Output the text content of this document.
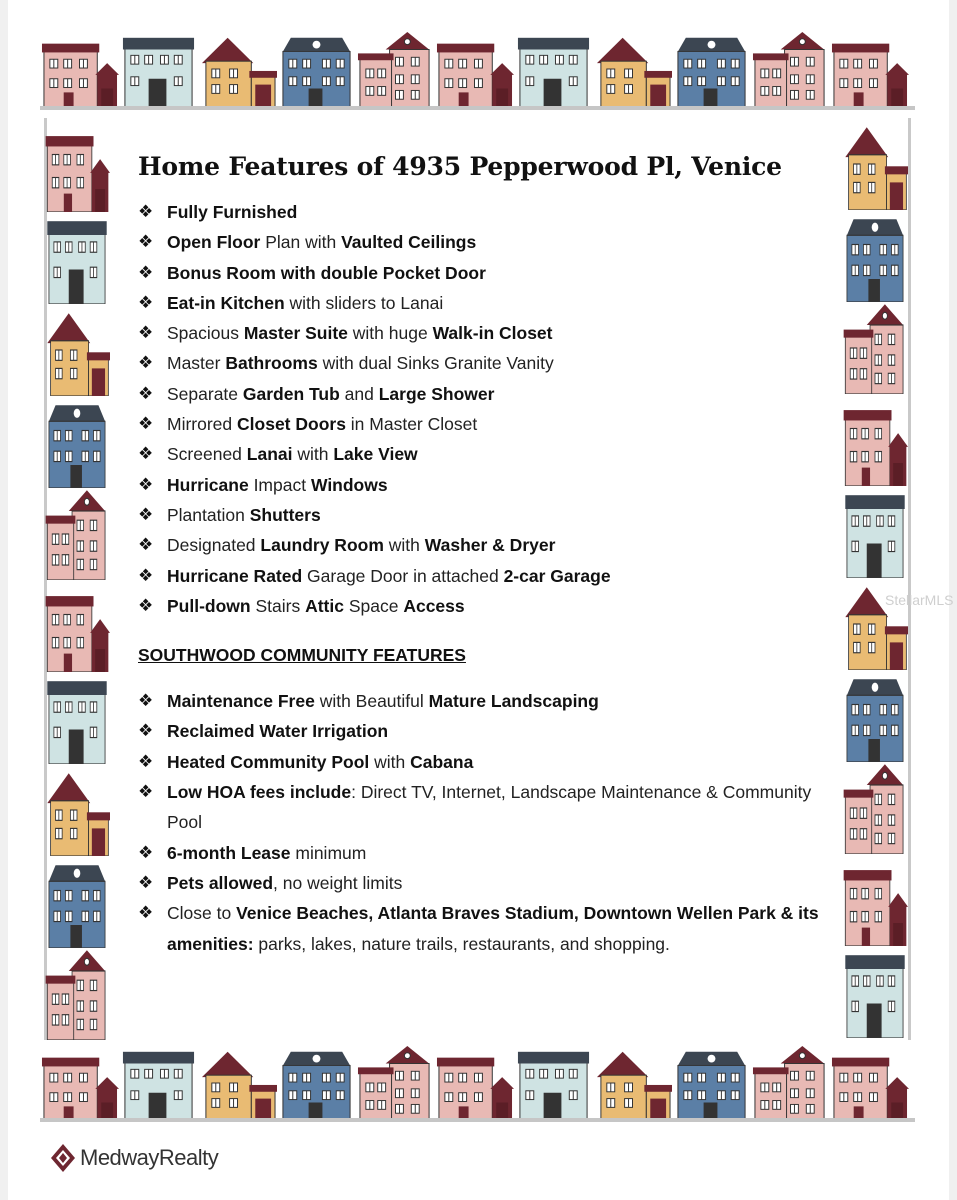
Home Features of 4935 Pepperwood Pl, Venice
❖ Fully Furnished
❖ Open Floor Plan with Vaulted Ceilings
❖ Bonus Room with double Pocket Door
❖ Eat-in Kitchen with sliders to Lanai
❖ Spacious Master Suite with huge Walk-in Closet
❖ Master Bathrooms with dual Sinks Granite Vanity
❖ Separate Garden Tub and Large Shower
❖ Mirrored Closet Doors in Master Closet
❖ Screened Lanai with Lake View
❖ Hurricane Impact Windows
❖ Plantation Shutters
❖ Designated Laundry Room with Washer & Dryer
❖ Hurricane Rated Garage Door in attached 2-car Garage
❖ Pull-down Stairs Attic Space Access
SOUTHWOOD COMMUNITY FEATURES
❖ Maintenance Free with Beautiful Mature Landscaping
❖ Reclaimed Water Irrigation
❖ Heated Community Pool with Cabana
❖ Low HOA fees include: Direct TV, Internet, Landscape Maintenance & Community Pool
❖ 6-month Lease minimum
❖ Pets allowed, no weight limits
❖ Close to Venice Beaches, Atlanta Braves Stadium, Downtown Wellen Park & its amenities: parks, lakes, nature trails, restaurants, and shopping.
StellarMLS
MedwayRealty
